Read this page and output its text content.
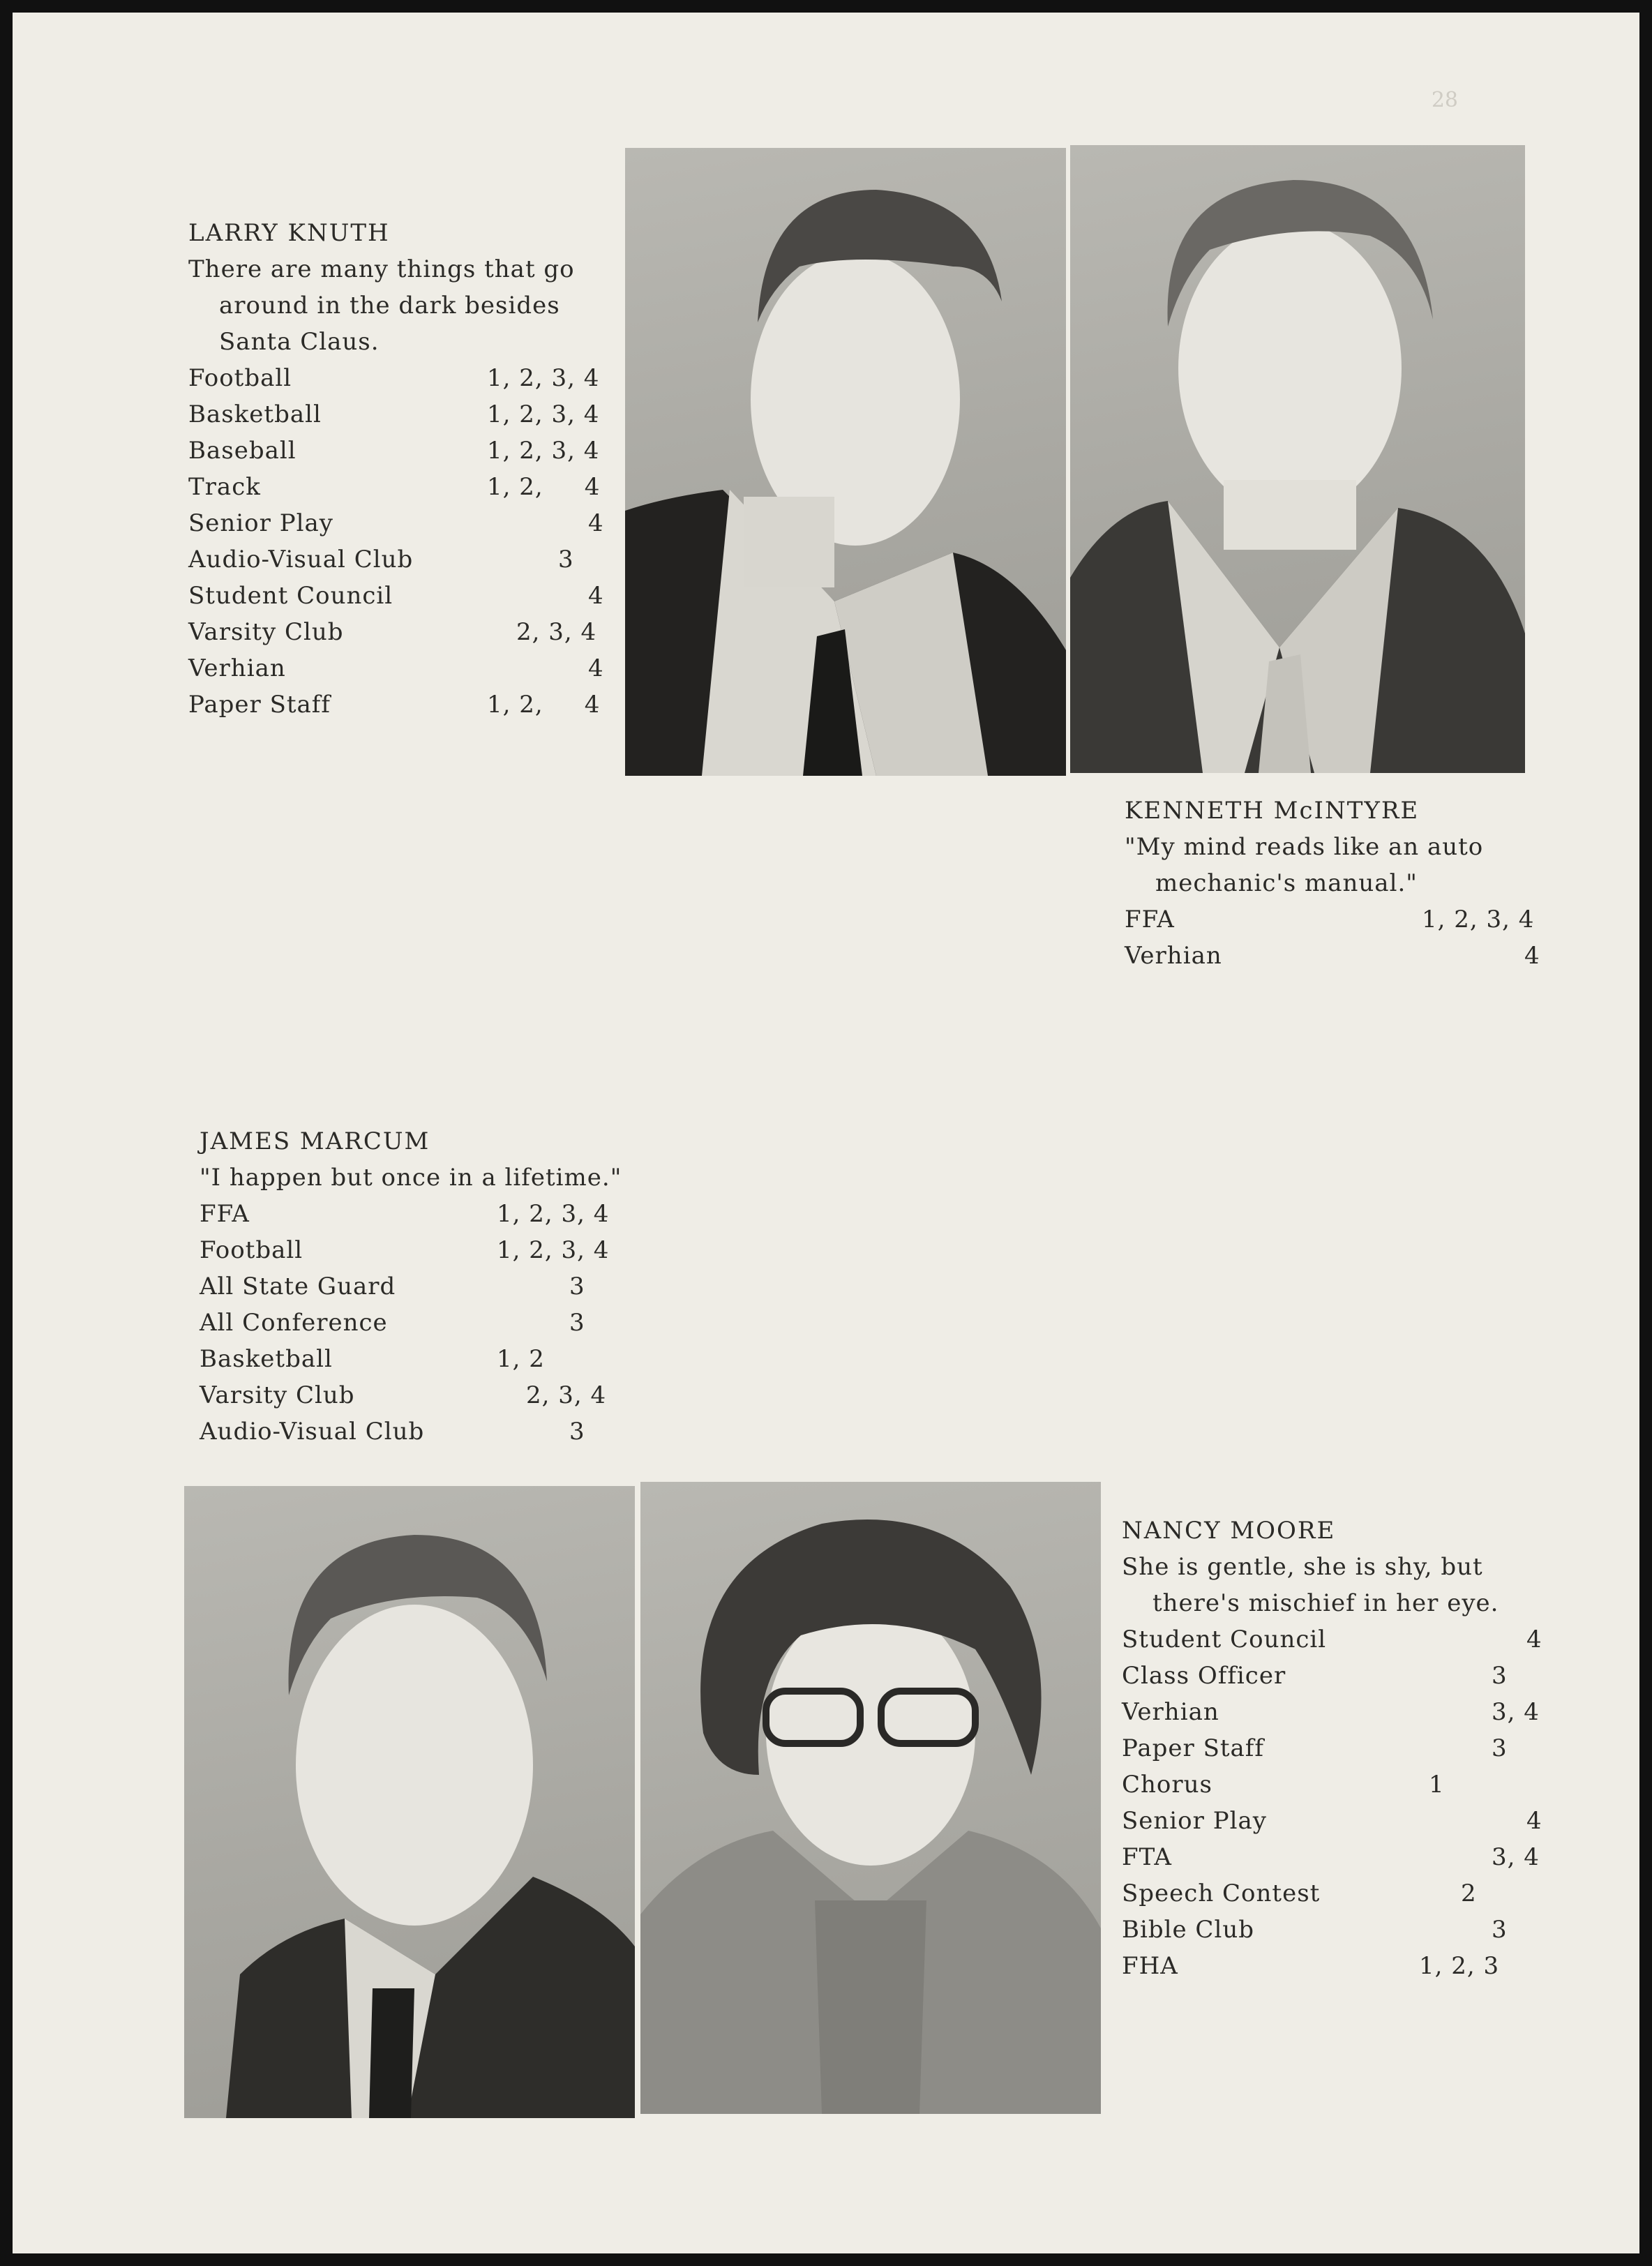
28
LARRY KNUTH
There are many things that go
around in the dark besides
Santa Claus.
Football	1, 2, 3, 4
Basketball	1, 2, 3, 4
Baseball	1, 2, 3, 4
Track	1, 2,     4
Senior Play	4
Audio-Visual Club	3
Student Council	4
Varsity Club	2, 3, 4
Verhian	4
Paper Staff	1, 2,     4
KENNETH McINTYRE
"My mind reads like an auto
mechanic's manual."
FFA	1, 2, 3, 4
Verhian	4
JAMES MARCUM
"I happen but once in a lifetime."
FFA	1, 2, 3, 4
Football	1, 2, 3, 4
All State Guard	3
All Conference	3
Basketball	1, 2
Varsity Club	2, 3, 4
Audio-Visual Club	3
NANCY MOORE
She is gentle, she is shy, but
there's mischief in her eye.
Student Council	4
Class Officer	3
Verhian	3, 4
Paper Staff	3
Chorus	1
Senior Play	4
FTA	3, 4
Speech Contest	2
Bible Club	3
FHA	1, 2, 3
